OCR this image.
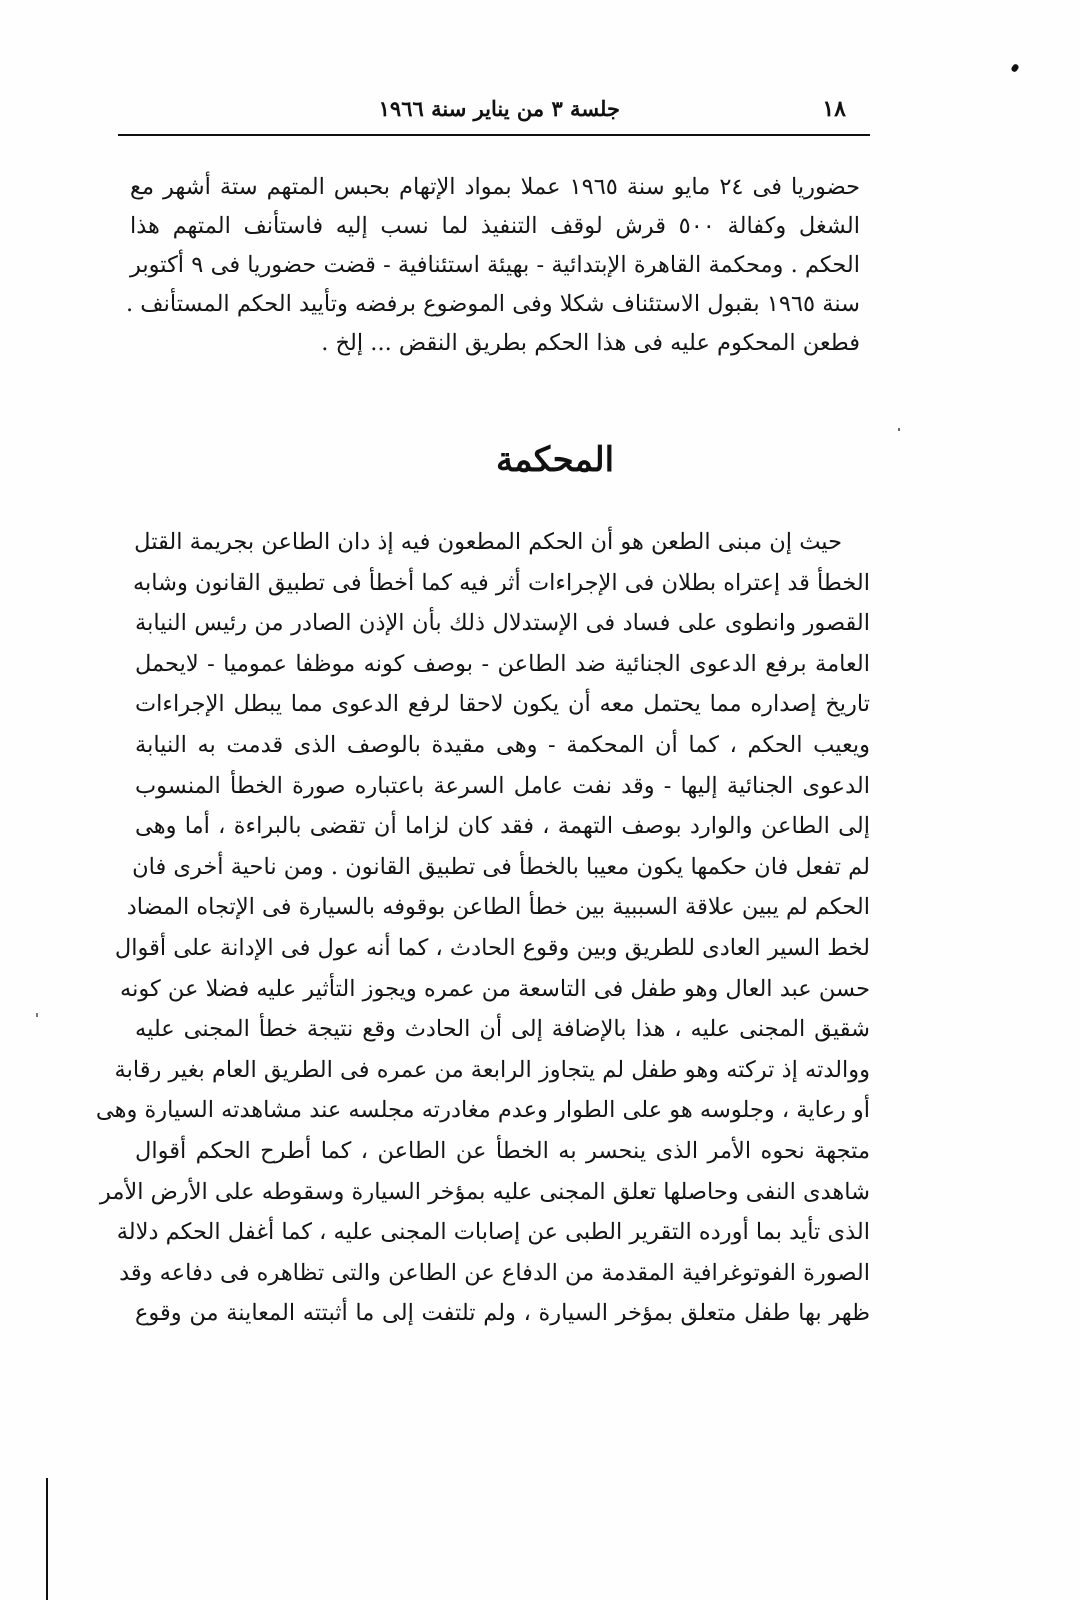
١٨
جلسة ٣ من يناير سنة ١٩٦٦
حضوريا فى ٢٤ مايو سنة ١٩٦٥ عملا بمواد الإتهام بحبس المتهم ستة أشهر مع
الشغل وكفالة ٥٠٠ قرش لوقف التنفيذ لما نسب إليه فاستأنف المتهم هذا
الحكم . ومحكمة القاهرة الإبتدائية - بهيئة استئنافية - قضت حضوريا فى ٩ أكتوبر
سنة ١٩٦٥ بقبول الاستئناف شكلا وفى الموضوع برفضه وتأييد الحكم المستأنف .
فطعن المحكوم عليه فى هذا الحكم بطريق النقض ... إلخ .
المحكمة
حيث إن مبنى الطعن هو أن الحكم المطعون فيه إذ دان الطاعن بجريمة القتل
الخطأ قد إعتراه بطلان فى الإجراءات أثر فيه كما أخطأ فى تطبيق القانون وشابه
القصور وانطوى على فساد فى الإستدلال ذلك بأن الإذن الصادر من رئيس النيابة
العامة برفع الدعوى الجنائية ضد الطاعن - بوصف كونه موظفا عموميا - لايحمل
تاريخ إصداره مما يحتمل معه أن يكون لاحقا لرفع الدعوى مما يبطل الإجراءات
ويعيب الحكم ، كما أن المحكمة - وهى مقيدة بالوصف الذى قدمت به النيابة
الدعوى الجنائية إليها - وقد نفت عامل السرعة باعتباره صورة الخطأ المنسوب
إلى الطاعن والوارد بوصف التهمة ، فقد كان لزاما أن تقضى بالبراءة ، أما وهى
لم تفعل فان حكمها يكون معيبا بالخطأ فى تطبيق القانون . ومن ناحية أخرى فان
الحكم لم يبين علاقة السببية بين خطأ الطاعن بوقوفه بالسيارة فى الإتجاه المضاد
لخط السير العادى للطريق وبين وقوع الحادث ، كما أنه عول فى الإدانة على أقوال
حسن عبد العال وهو طفل فى التاسعة من عمره ويجوز التأثير عليه فضلا عن كونه
شقيق المجنى عليه ، هذا بالإضافة إلى أن الحادث وقع نتيجة خطأ المجنى عليه
ووالدته إذ تركته وهو طفل لم يتجاوز الرابعة من عمره فى الطريق العام بغير رقابة
أو رعاية ، وجلوسه هو على الطوار وعدم مغادرته مجلسه عند مشاهدته السيارة وهى
متجهة نحوه الأمر الذى ينحسر به الخطأ عن الطاعن ، كما أطرح الحكم أقوال
شاهدى النفى وحاصلها تعلق المجنى عليه بمؤخر السيارة وسقوطه على الأرض الأمر
الذى تأيد بما أورده التقرير الطبى عن إصابات المجنى عليه ، كما أغفل الحكم دلالة
الصورة الفوتوغرافية المقدمة من الدفاع عن الطاعن والتى تظاهره فى دفاعه وقد
ظهر بها طفل متعلق بمؤخر السيارة ، ولم تلتفت إلى ما أثبتته المعاينة من وقوع
